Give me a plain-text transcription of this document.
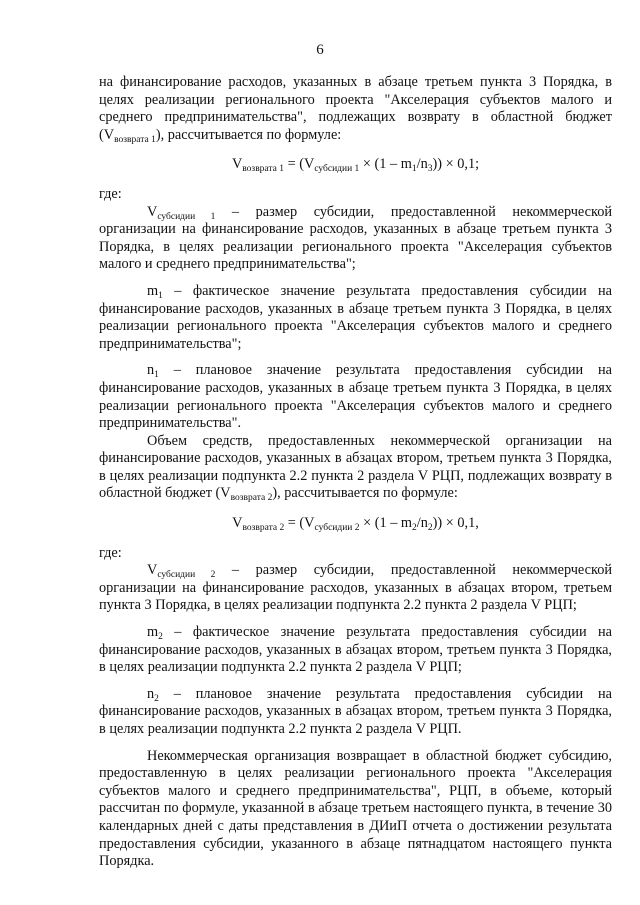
6

на финансирование расходов, указанных в абзаце третьем пункта 3 Порядка, в целях реализации регионального проекта "Акселерация субъектов малого и среднего предпринимательства", подлежащих возврату в областной бюджет $(V_{возврата 1})$, рассчитывается по формуле:

$V_{возврата 1} = (V_{субсидии 1} \times (1 - m_1/n_3)) \times 0,1$;

где:

$V_{субсидии 1}$ – размер субсидии, предоставленной некоммерческой организации на финансирование расходов, указанных в абзаце третьем пункта 3 Порядка, в целях реализации регионального проекта "Акселерация субъектов малого и среднего предпринимательства";

$m_1$ – фактическое значение результата предоставления субсидии на финансирование расходов, указанных в абзаце третьем пункта 3 Порядка, в целях реализации регионального проекта "Акселерация субъектов малого и среднего предпринимательства";

$n_1$ – плановое значение результата предоставления субсидии на финансирование расходов, указанных в абзаце третьем пункта 3 Порядка, в целях реализации регионального проекта "Акселерация субъектов малого и среднего предпринимательства".

Объем средств, предоставленных некоммерческой организации на финансирование расходов, указанных в абзацах втором, третьем пункта 3 Порядка, в целях реализации подпункта 2.2 пункта 2 раздела V РЦП, подлежащих возврату в областной бюджет $(V_{возврата 2})$, рассчитывается по формуле:

$V_{возврата 2} = (V_{субсидии 2} \times (1 - m_2/n_2)) \times 0,1$,

где:

$V_{субсидии 2}$ – размер субсидии, предоставленной некоммерческой организации на финансирование расходов, указанных в абзацах втором, третьем пункта 3 Порядка, в целях реализации подпункта 2.2 пункта 2 раздела V РЦП;

$m_2$ – фактическое значение результата предоставления субсидии на финансирование расходов, указанных в абзацах втором, третьем пункта 3 Порядка, в целях реализации подпункта 2.2 пункта 2 раздела V РЦП;

$n_2$ – плановое значение результата предоставления субсидии на финансирование расходов, указанных в абзацах втором, третьем пункта 3 Порядка, в целях реализации подпункта 2.2 пункта 2 раздела V РЦП.

Некоммерческая организация возвращает в областной бюджет субсидию, предоставленную в целях реализации регионального проекта "Акселерация субъектов малого и среднего предпринимательства", РЦП, в объеме, который рассчитан по формуле, указанной в абзаце третьем настоящего пункта, в течение 30 календарных дней с даты представления в ДИиП отчета о достижении результата предоставления субсидии, указанного в абзаце пятнадцатом настоящего пункта Порядка.
